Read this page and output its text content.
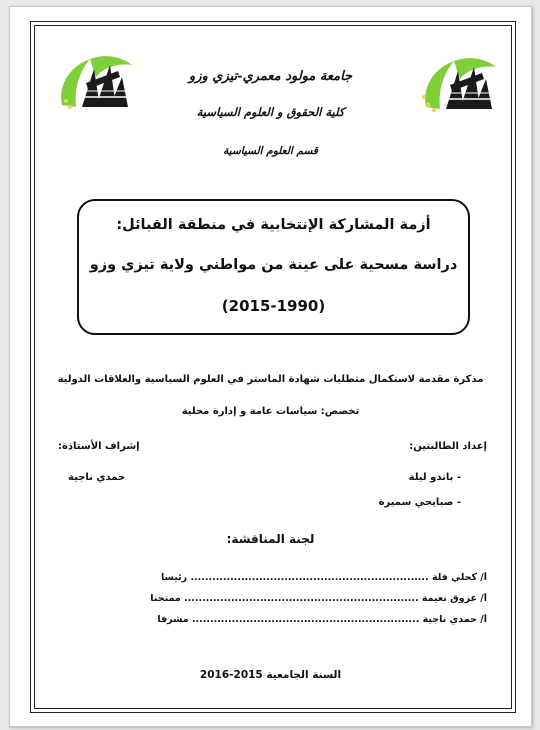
جامعة مولود معمري-تيزي وزو
كلية الحقوق و العلوم السياسية
قسم العلوم السياسية
أزمة المشاركة الإنتخابية في منطقة القبائل:
دراسة مسحية على عينة من مواطني ولاية تيزي وزو
(2015-1990)
مذكرة مقدمة لاستكمال متطلبات شهادة الماستر في العلوم السياسية والعلاقات الدولية
تخصص: سياسات عامة و إدارة محلية
إعداد الطالبتين:
إشراف الأستاذة:
- باندو ليلة
- صبايحي سميرة
حمدي ناجية
لجنة المناقشة:
أ/ كحلي فلة .................................................................. رئيسا
أ/ عزوق نعيمة ................................................................. ممتحنا
أ/ حمدي ناجية ............................................................... مشرفا
السنة الجامعية 2015-2016
